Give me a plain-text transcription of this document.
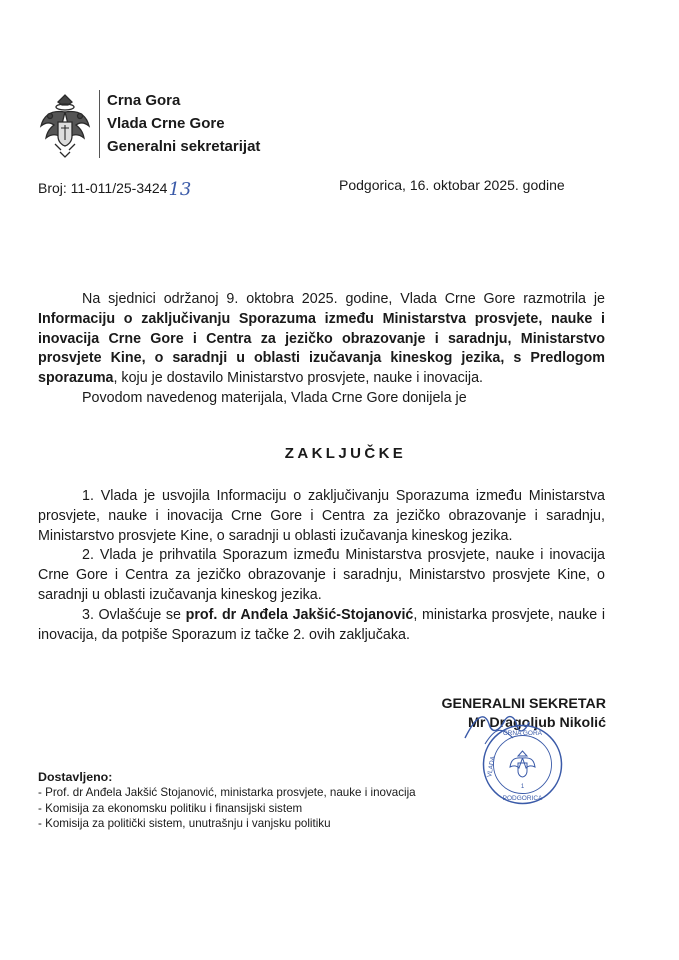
Crna Gora
Vlada Crne Gore
Generalni sekretarijat
Broj: 11-011/25-342413	Podgorica, 16. oktobar 2025. godine

Na sjednici održanoj 9. oktobra 2025. godine, Vlada Crne Gore razmotrila je Informaciju o zaključivanju Sporazuma između Ministarstva prosvjete, nauke i inovacija Crne Gore i Centra za jezičko obrazovanje i saradnju, Ministarstvo prosvjete Kine, o saradnji u oblasti izučavanja kineskog jezika, s Predlogom sporazuma, koju je dostavilo Ministarstvo prosvjete, nauke i inovacija.

Povodom navedenog materijala, Vlada Crne Gore donijela je

ZAKLJUČKE

1. Vlada je usvojila Informaciju o zaključivanju Sporazuma između Ministarstva prosvjete, nauke i inovacija Crne Gore i Centra za jezičko obrazovanje i saradnju, Ministarstvo prosvjete Kine, o saradnji u oblasti izučavanja kineskog jezika.

2. Vlada je prihvatila Sporazum između Ministarstva prosvjete, nauke i inovacija Crne Gore i Centra za jezičko obrazovanje i saradnju, Ministarstvo prosvjete Kine, o saradnji u oblasti izučavanja kineskog jezika.

3. Ovlašćuje se prof. dr Anđela Jakšić-Stojanović, ministarka prosvjete, nauke i inovacija, da potpiše Sporazum iz tačke 2. ovih zaključaka.

GENERALNI SEKRETAR
Mr Dragoljub Nikolić
CRNA GORA
VLADA
1
PODGORICA
Dostavljeno:
- Prof. dr Anđela Jakšić Stojanović, ministarka prosvjete, nauke i inovacija
- Komisija za ekonomsku politiku i finansijski sistem
- Komisija za politički sistem, unutrašnju i vanjsku politiku
